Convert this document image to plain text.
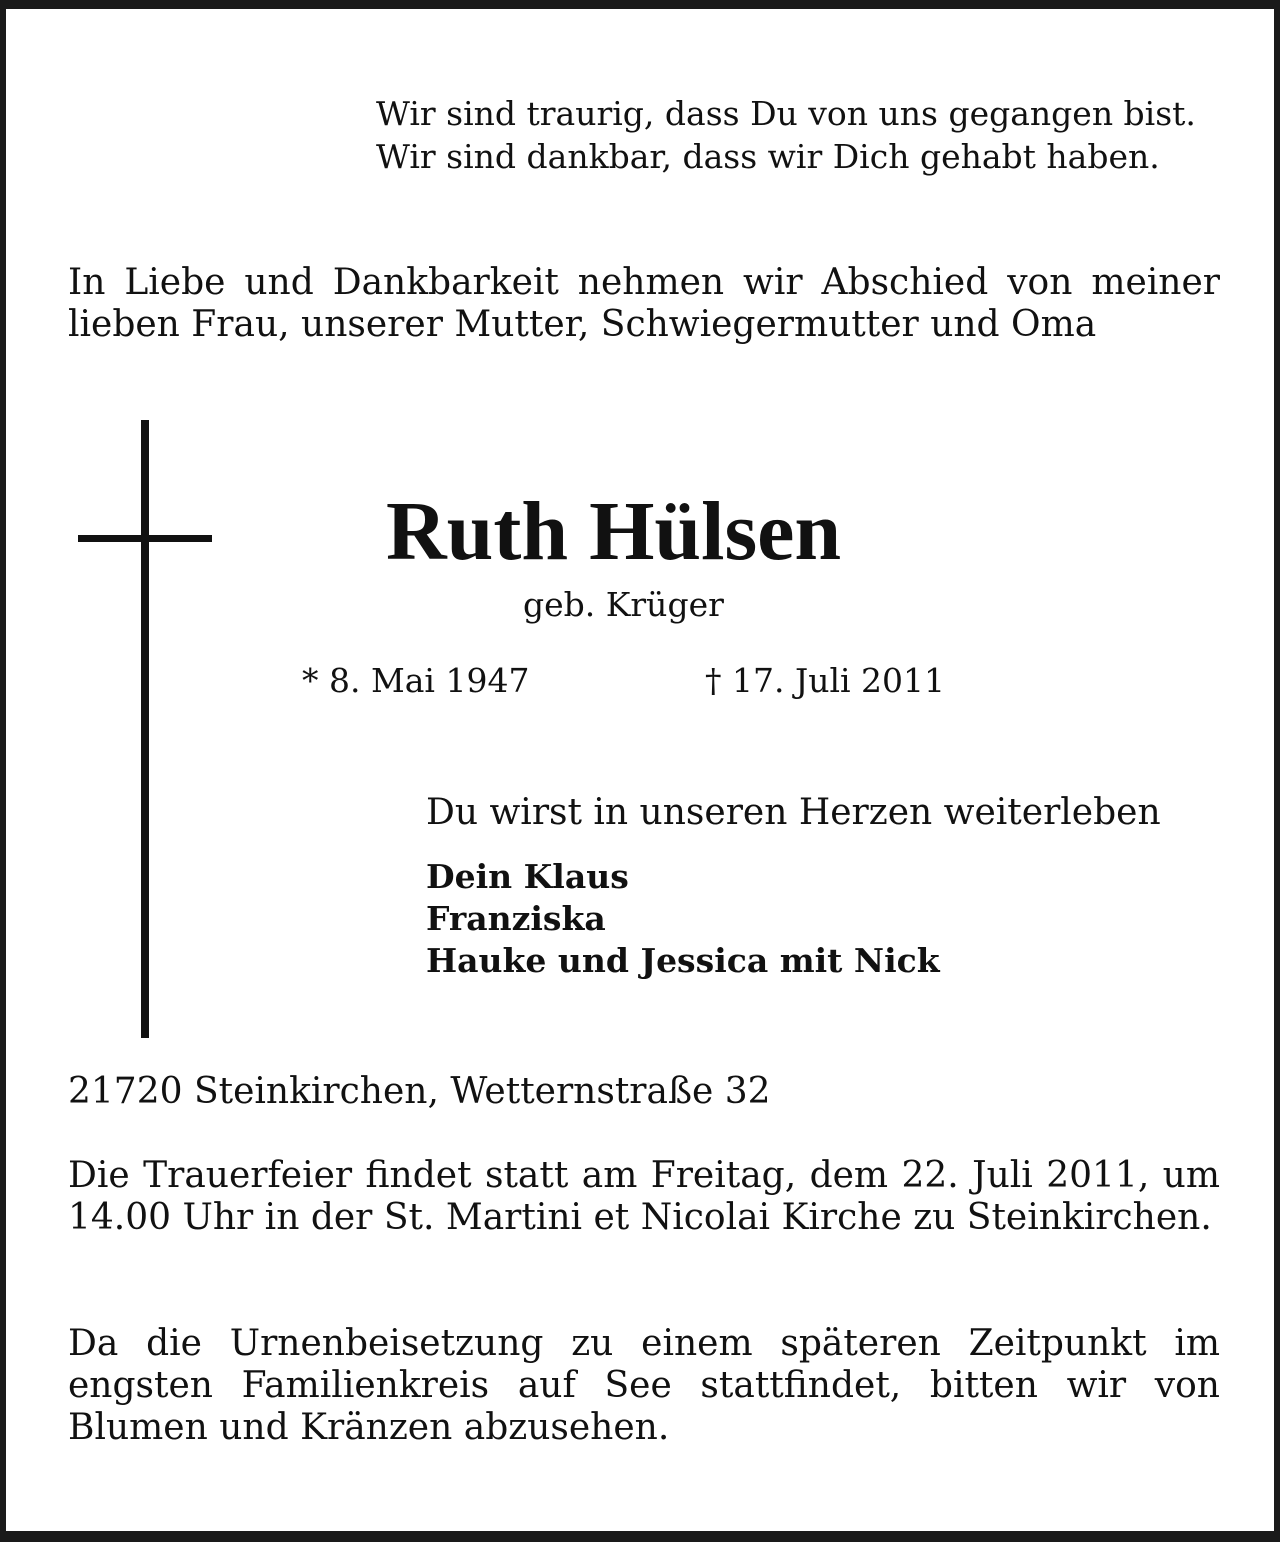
Wir sind traurig, dass Du von uns gegangen bist.
Wir sind dankbar, dass wir Dich gehabt haben.
In Liebe und Dankbarkeit nehmen wir Abschied von meiner lieben Frau, unserer Mutter, Schwiegermutter und Oma
Ruth Hülsen
geb. Krüger
* 8. Mai 1947	† 17. Juli 2011
Du wirst in unseren Herzen weiterleben
Dein Klaus
Franziska
Hauke und Jessica mit Nick
21720 Steinkirchen, Wetternstraße 32
Die Trauerfeier findet statt am Freitag, dem 22. Juli 2011, um 14.00 Uhr in der St. Martini et Nicolai Kirche zu Steinkirchen.
Da die Urnenbeisetzung zu einem späteren Zeitpunkt im engsten Familienkreis auf See stattfindet, bitten wir von Blumen und Kränzen abzusehen.
